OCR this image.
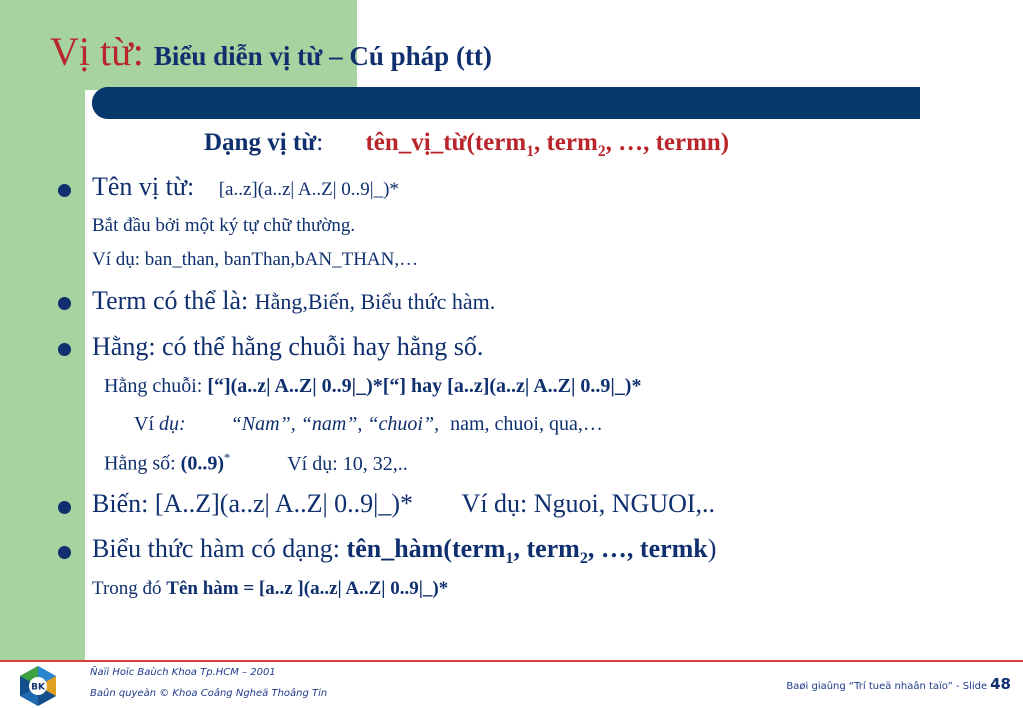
Vị từ: Biểu diễn vị từ – Cú pháp (tt)
Dạng vị từ: tên_vị_từ(term$_1$, term$_2$, …, termn)
Tên vị từ: [a..z](a..z| A..Z| 0..9|_)*
Bắt đầu bởi một ký tự chữ thường.
Ví dụ: ban_than, banThan,bAN_THAN,…
Term có thể là: Hằng,Biến, Biểu thức hàm.
Hằng: có thể hằng chuỗi hay hằng số.
Hằng chuỗi: [“](a..z| A..Z| 0..9|_)*[“] hay [a..z](a..z| A..Z| 0..9|_)*
Ví dụ: “Nam”, “nam”, “chuoi”, nam, chuoi, qua,…
Hằng số: (0..9)*	Ví dụ: 10, 32,..
Biến: [A..Z](a..z| A..Z| 0..9|_)* Ví dụ: Nguoi, NGUOI,..
Biểu thức hàm có dạng: tên_hàm(term$_1$, term$_2$, …, termk)
Trong đó Tên hàm = [a..z ](a..z| A..Z| 0..9|_)*
BK
Ñaïi Hoïc Baùch Khoa Tp.HCM – 2001
Baûn quyeàn © Khoa Coâng Ngheä Thoâng Tin
Baøi giaûng “Trí tueä nhaân taïo” - Slide 48
